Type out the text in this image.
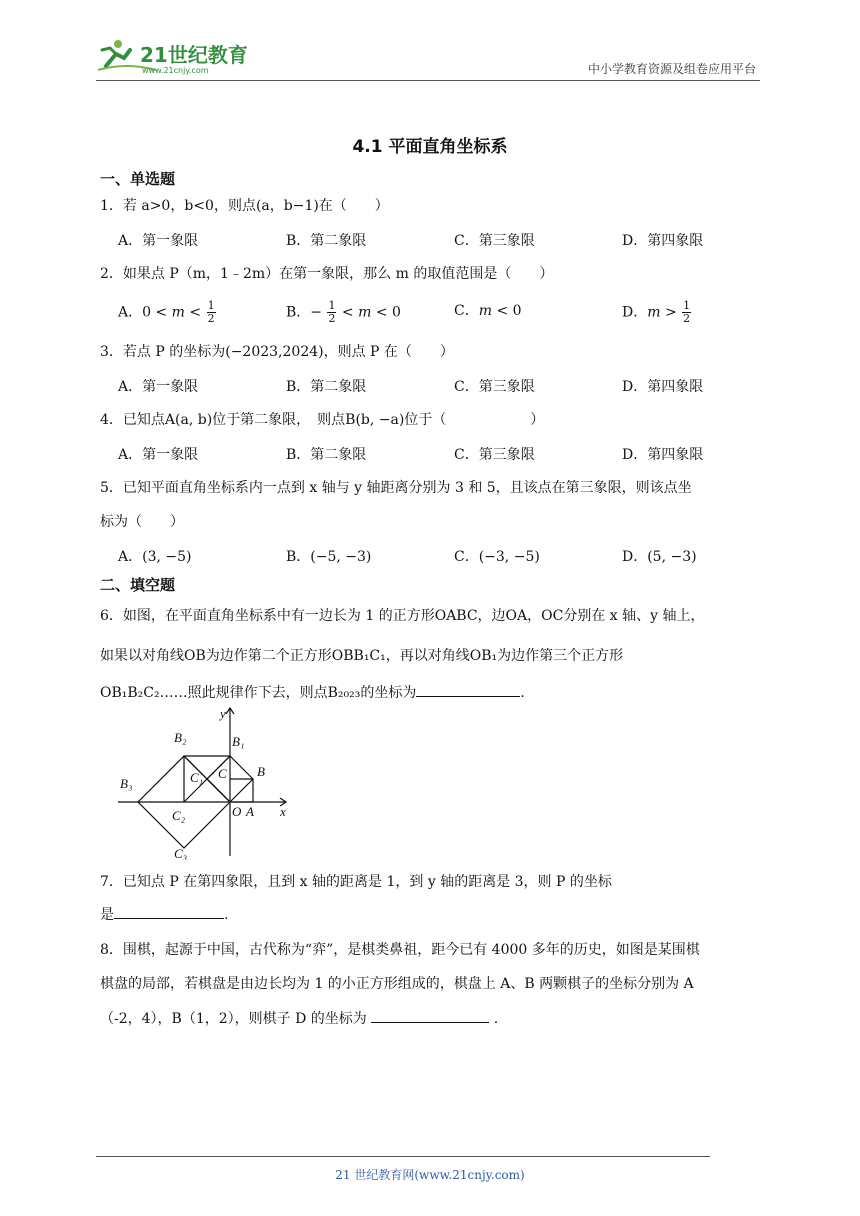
21世纪教育
www.21cnjy.com	中小学教育资源及组卷应用平台
4.1 平面直角坐标系
一、单选题
1．若 a>0，b<0，则点(a，b−1)在（　　）
A．第一象限	B．第二象限	C．第三象限	D．第四象限
2．如果点 P（m，1﹣2m）在第一象限，那么 m 的取值范围是（　　）
A．$0 < m < \frac{1}{2}$	B．− $\frac{1}{2} < m < 0$	C．m < 0	D．$m > \frac{1}{2}$
3．若点 P 的坐标为(−2023,2024)，则点 P 在（　　）
A．第一象限	B．第二象限	C．第三象限	D．第四象限
4．已知点A(a, b)位于第二象限，　则点B(b, −a)位于（　　　　　　）
A．第一象限	B．第二象限	C．第三象限	D．第四象限
5．已知平面直角坐标系内一点到 x 轴与 y 轴距离分别为 3 和 5，且该点在第三象限，则该点坐
标为（　　）
A．(3, −5)	B．(−5, −3)	C．(−3, −5)	D．(5, −3)
二、填空题
6．如图，在平面直角坐标系中有一边长为 1 的正方形OABC，边OA，OC分别在 x 轴、y 轴上，
如果以对角线OB为边作第二个正方形OBB₁C₁，再以对角线OB₁为边作第三个正方形
OB₁B₂C₂……照此规律作下去，则点B₂₀₂₃的坐标为	.
y
x
O A
B
C
B₁
C₁
B₂
C₂
B₃
C₃
7．已知点 P 在第四象限，且到 x 轴的距离是 1，到 y 轴的距离是 3，则 P 的坐标
是	.
8．围棋，起源于中国，古代称为“弈”，是棋类鼻祖，距今已有 4000 多年的历史，如图是某围棋
棋盘的局部，若棋盘是由边长均为 1 的小正方形组成的，棋盘上 A、B 两颗棋子的坐标分别为 A
（-2，4），B（1，2），则棋子 D 的坐标为	.
21 世纪教育网(www.21cnjy.com)
